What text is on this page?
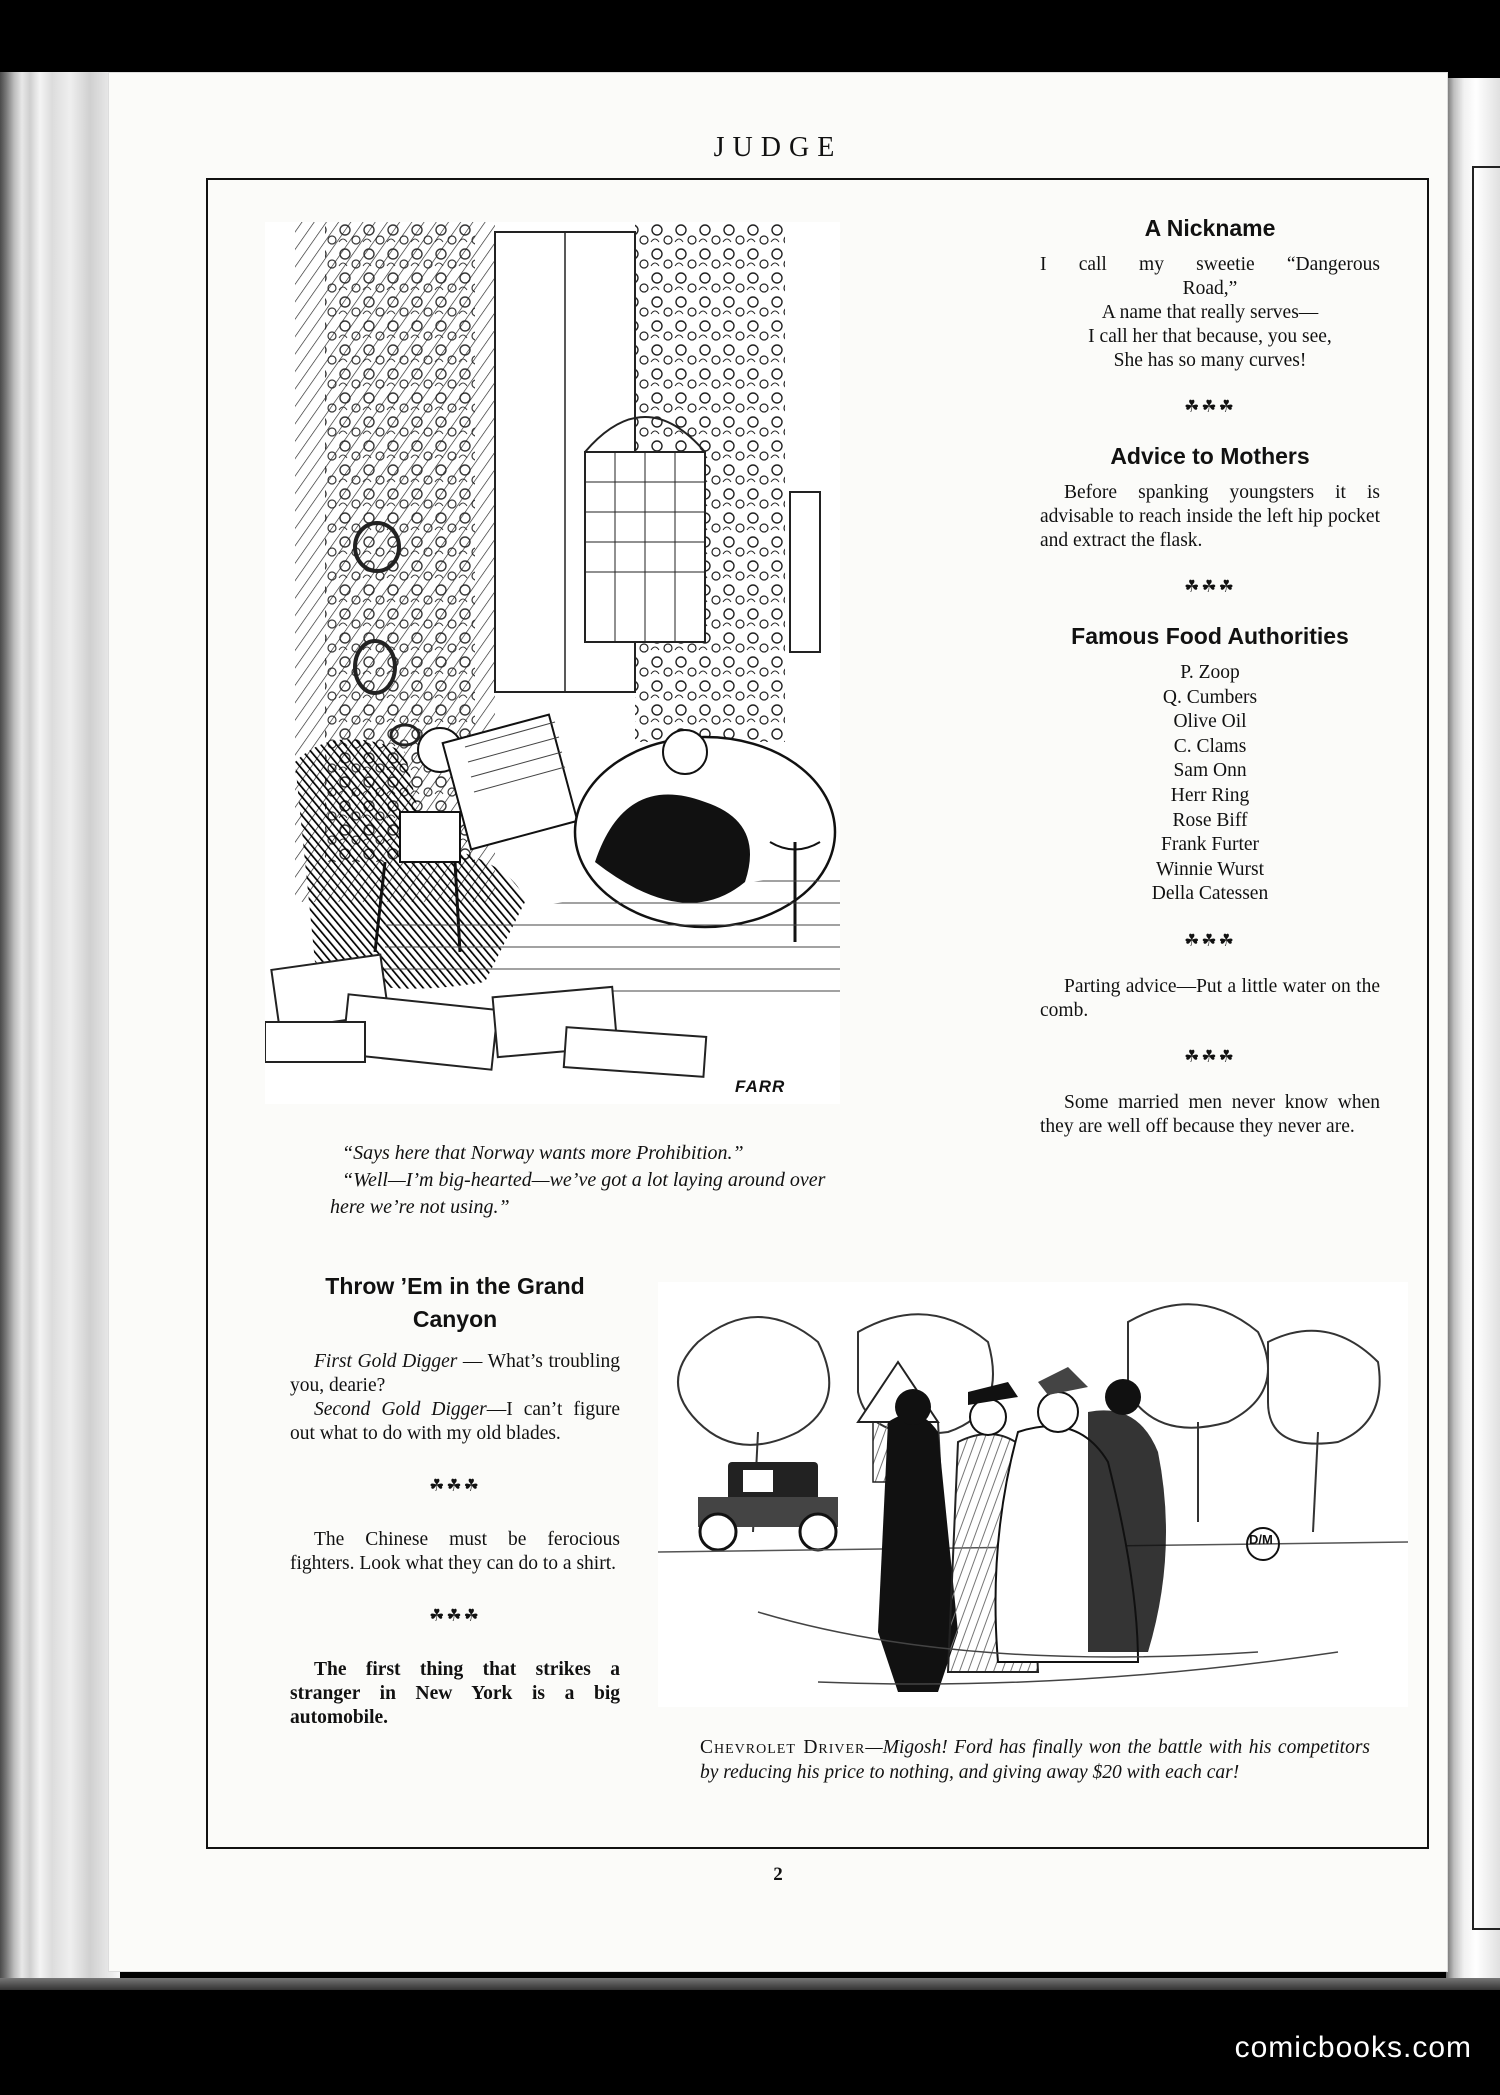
JUDGE
FARR

“Says here that Norway wants more Prohibition.”

“Well—I’m big-hearted—we’ve got a lot laying around over here we’re not using.”

A Nickname
I call my sweetie “Dangerous
Road,”
A name that really serves—
I call her that because, you see,
She has so many curves!
☘☘☘
Advice to Mothers

Before spanking youngsters it is advisable to reach inside the left hip pocket and extract the flask.

☘☘☘
Famous Food Authorities
P. Zoop
Q. Cumbers
Olive Oil
C. Clams
Sam Onn
Herr Ring
Rose Biff
Frank Furter
Winnie Wurst
Della Catessen
☘☘☘

Parting advice—Put a little water on the comb.

☘☘☘

Some married men never know when they are well off because they never are.

Throw ’Em in the Grand Canyon

First Gold Digger — What’s troubling you, dearie?

Second Gold Digger—I can’t figure out what to do with my old blades.

☘☘☘

The Chinese must be ferocious fighters. Look what they can do to a shirt.

☘☘☘

The first thing that strikes a stranger in New York is a big automobile.

D/M
Chevrolet Driver—Migosh! Ford has finally won the battle with his competitors by reducing his price to nothing, and giving away $20 with each car!
2
comicbooks.com
